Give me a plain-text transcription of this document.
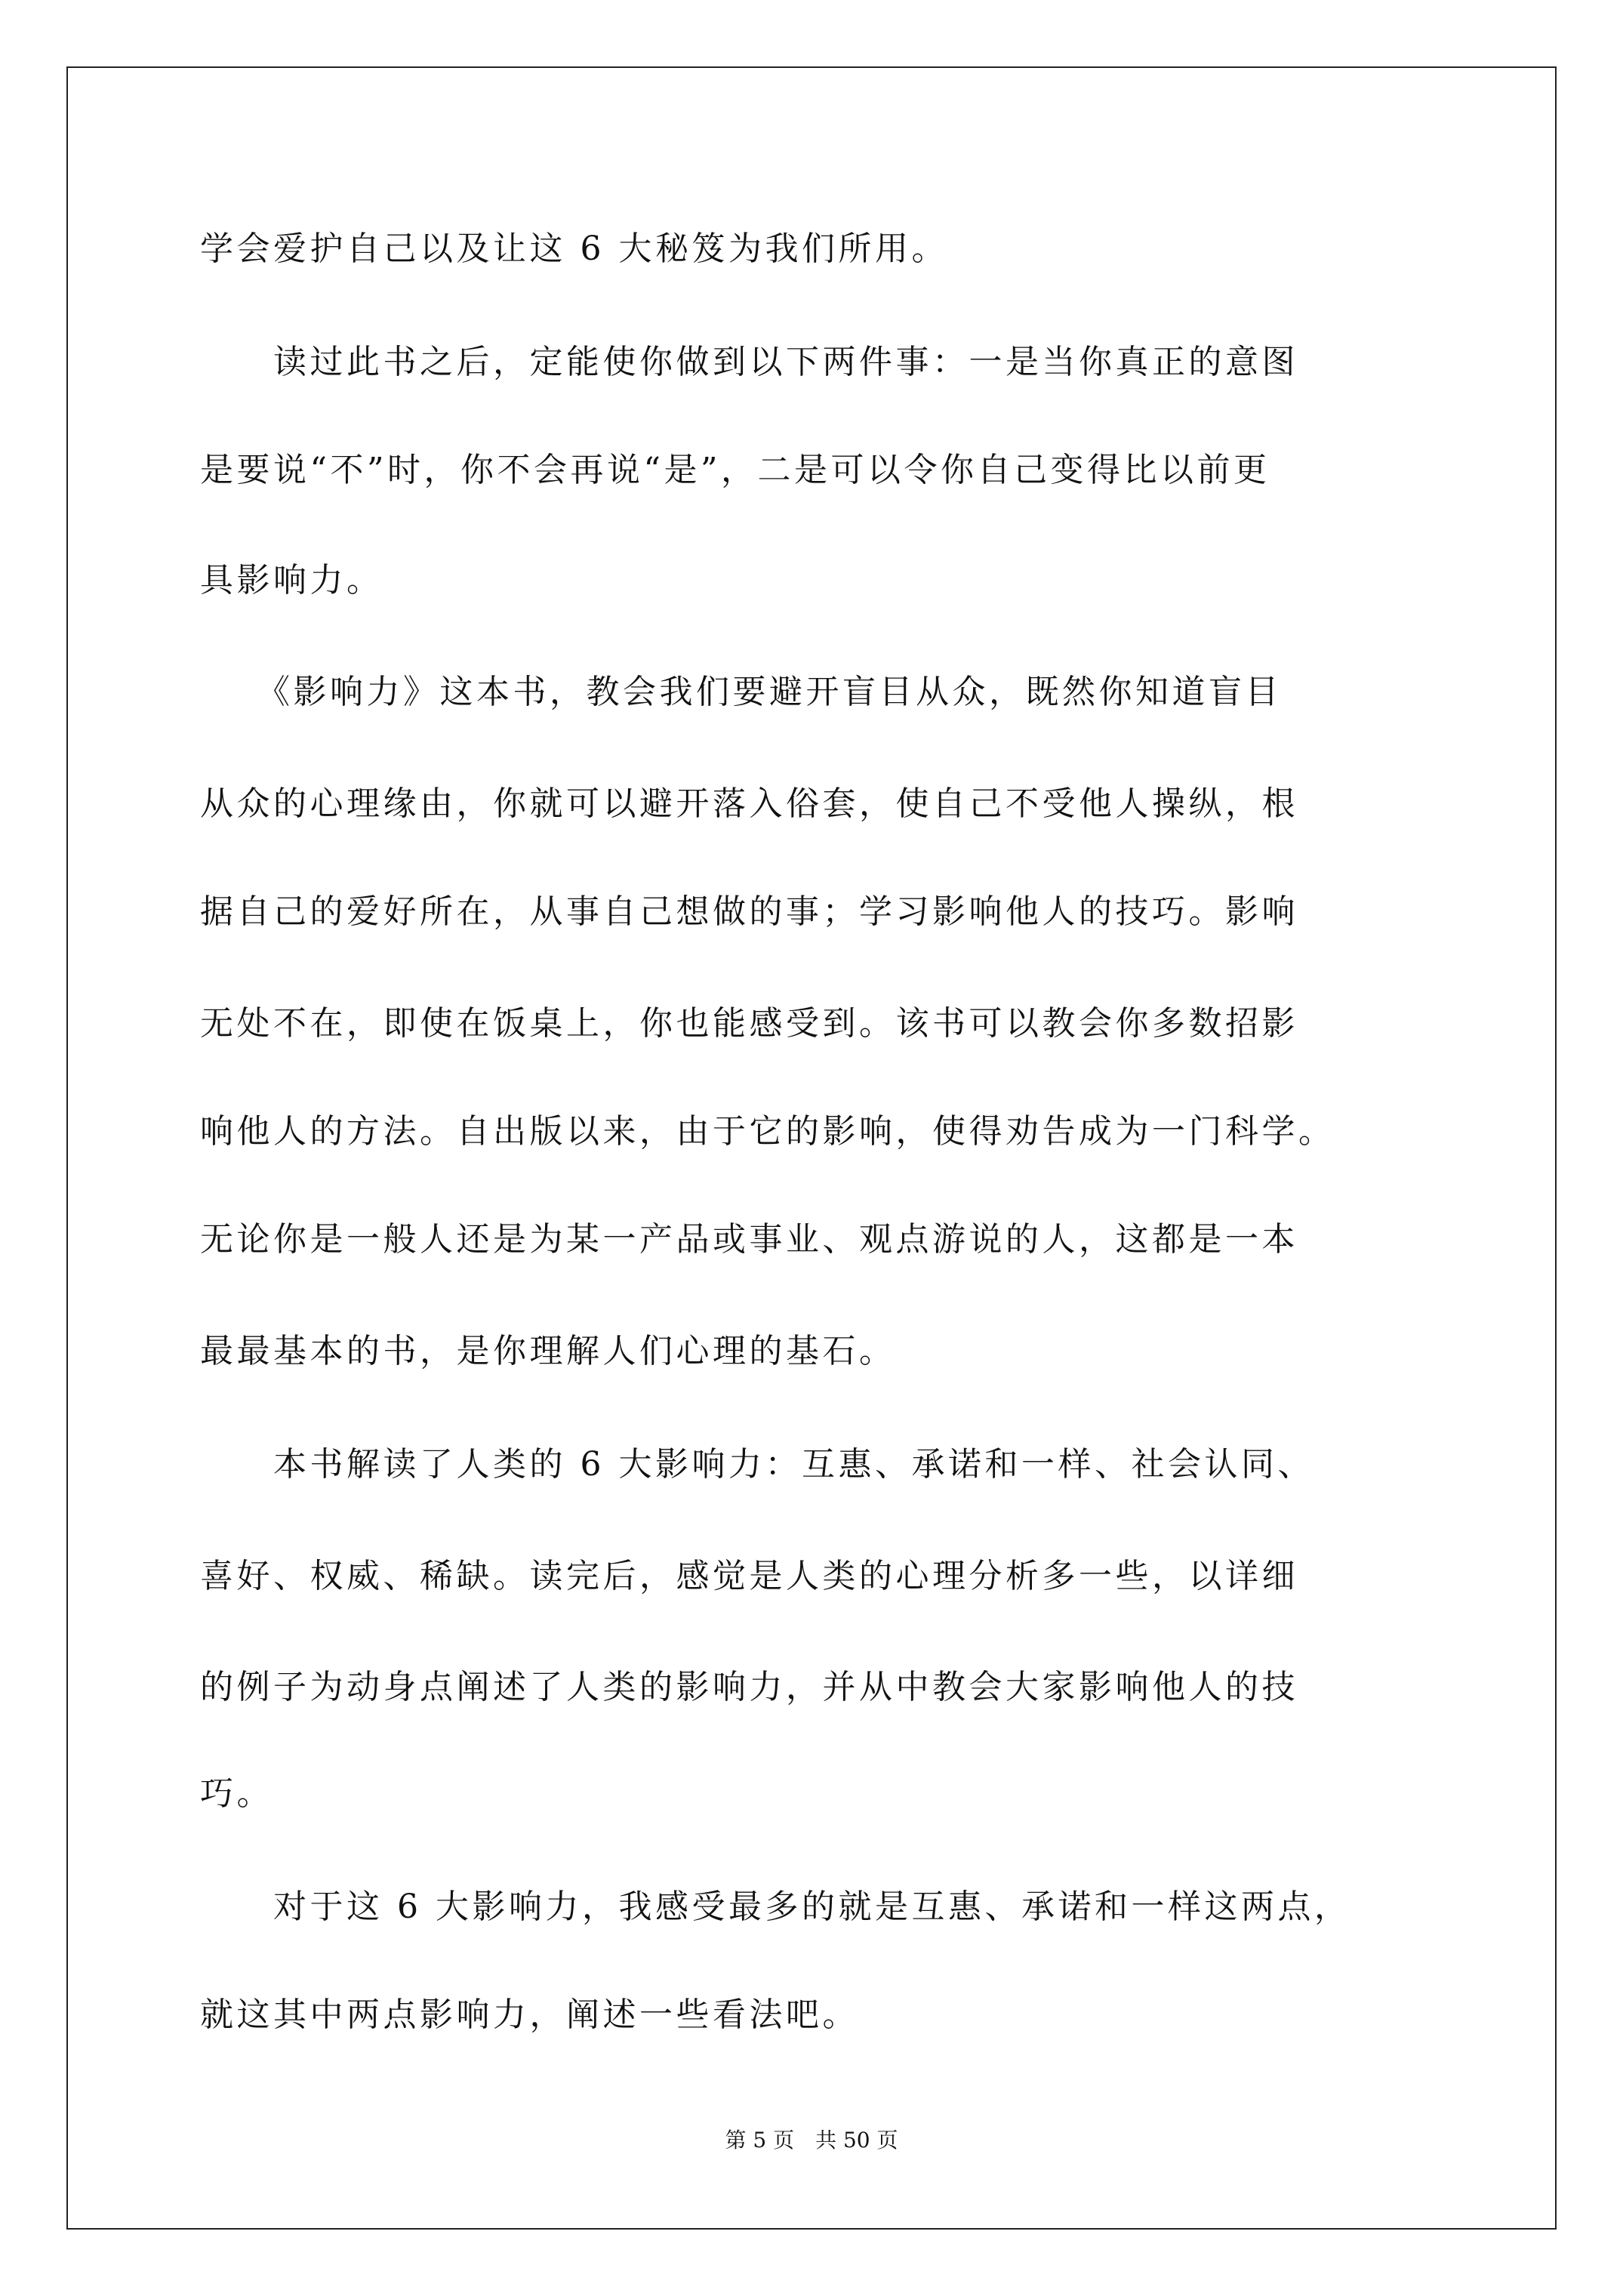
学会爱护自己以及让这 6 大秘笈为我们所用。
　　读过此书之后，定能使你做到以下两件事：一是当你真正的意图
是要说“不”时，你不会再说“是”，二是可以令你自己变得比以前更
具影响力。
　　《影响力》这本书，教会我们要避开盲目从众，既然你知道盲目
从众的心理缘由，你就可以避开落入俗套，使自己不受他人操纵，根
据自己的爱好所在，从事自己想做的事；学习影响他人的技巧。影响
无处不在，即使在饭桌上，你也能感受到。该书可以教会你多数招影
响他人的方法。自出版以来，由于它的影响，使得劝告成为一门科学。
无论你是一般人还是为某一产品或事业、观点游说的人，这都是一本
最最基本的书，是你理解人们心理的基石。
　　本书解读了人类的 6 大影响力：互惠、承诺和一样、社会认同、
喜好、权威、稀缺。读完后，感觉是人类的心理分析多一些，以详细
的例子为动身点阐述了人类的影响力，并从中教会大家影响他人的技
巧。
　　对于这 6 大影响力，我感受最多的就是互惠、承诺和一样这两点，
就这其中两点影响力，阐述一些看法吧。
第 5 页　共 50 页
